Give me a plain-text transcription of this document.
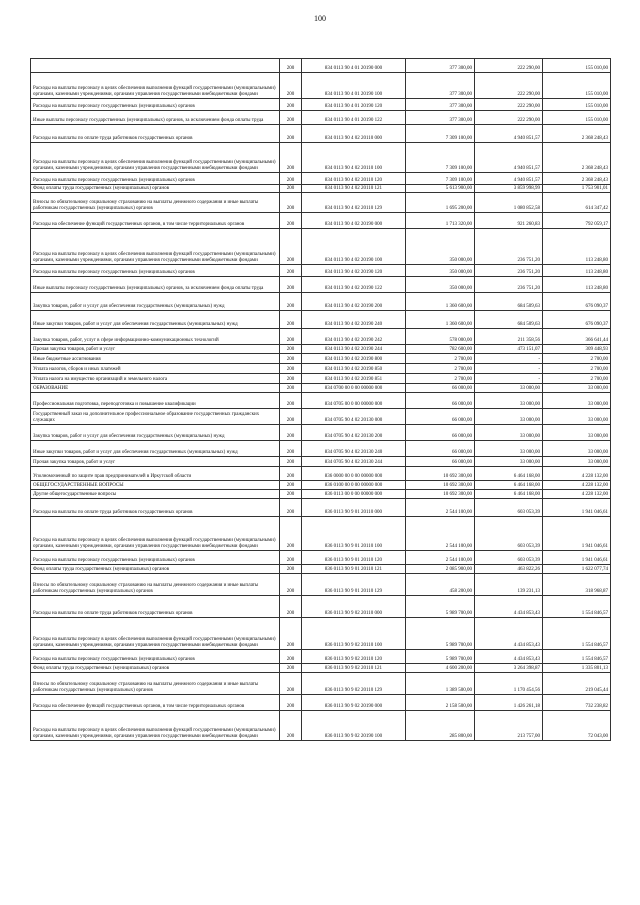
100
	200	834 0113 90 4 01 20190 000	377 300,00	222 290,00	155 010,00
Расходы на выплаты персоналу в целях обеспечения выполнения функций государственными (муниципальными) органами, казенными учреждениями, органами управления государственными внебюджетными фондами	200	834 0113 90 4 01 20190 100	377 300,00	222 290,00	155 010,00
Расходы на выплаты персоналу государственных (муниципальных) органов	200	834 0113 90 4 01 20190 120	377 300,00	222 290,00	155 010,00
Иные выплаты персоналу государственных (муниципальных) органов, за исключением фонда оплаты труда	200	834 0113 90 4 01 20190 122	377 300,00	222 290,00	155 010,00
Расходы на выплаты по оплате труда работников государственных органов	200	834 0113 90 4 02 20110 000	7 309 100,00	4 940 851,57	2 368 248,43
Расходы на выплаты персоналу в целях обеспечения выполнения функций государственными (муниципальными) органами, казенными учреждениями, органами управления государственными внебюджетными фондами	200	834 0113 90 4 02 20110 100	7 309 100,00	4 940 851,57	2 368 248,43
Расходы на выплаты персоналу государственных (муниципальных) органов	200	834 0113 90 4 02 20110 120	7 309 100,00	4 940 851,57	2 368 248,43
Фонд оплаты труда государственных (муниципальных) органов	200	834 0113 90 4 02 20110 121	5 613 900,00	3 859 998,99	1 753 901,01
Взносы по обязательному социальному страхованию на выплаты денежного содержания и иные выплаты работникам государственных (муниципальных) органов	200	834 0113 90 4 02 20110 129	1 695 200,00	1 080 852,58	614 347,42
Расходы на обеспечение функций государственных органов, в том числе территориальных органов	200	834 0113 90 4 02 20190 000	1 713 320,00	921 260,83	792 059,17
Расходы на выплаты персоналу в целях обеспечения выполнения функций государственными (муниципальными) органами, казенными учреждениями, органами управления государственными внебюджетными фондами	200	834 0113 90 4 02 20190 100	350 000,00	236 751,20	113 248,80
Расходы на выплаты персоналу государственных (муниципальных) органов	200	834 0113 90 4 02 20190 120	350 000,00	236 751,20	113 248,80
Иные выплаты персоналу государственных (муниципальных) органов, за исключением фонда оплаты труда	200	834 0113 90 4 02 20190 122	350 000,00	236 751,20	113 248,80
Закупка товаров, работ и услуг для обеспечения государственных (муниципальных) нужд	200	834 0113 90 4 02 20190 200	1 360 600,00	684 509,63	676 090,37
Иные закупки товаров, работ и услуг для обеспечения государственных (муниципальных) нужд	200	834 0113 90 4 02 20190 240	1 360 600,00	684 509,63	676 090,37
Закупка товаров, работ, услуг в сфере информационно-коммуникационных технологий	200	834 0113 90 4 02 20190 242	578 000,00	211 358,56	366 641,44
Прочая закупка товаров, работ и услуг	200	834 0113 90 4 02 20190 244	782 600,00	473 151,07	309 448,93
Иные бюджетные ассигнования	200	834 0113 90 4 02 20190 800	2 700,00	-	2 700,00
Уплата налогов, сборов и иных платежей	200	834 0113 90 4 02 20190 850	2 700,00	-	2 700,00
Уплата налога на имущество организаций и земельного налога	200	834 0113 90 4 02 20190 851	2 700,00	-	2 700,00
ОБРАЗОВАНИЕ	200	834 0700 00 0 00 00000 000	66 000,00	33 000,00	33 000,00
Профессиональная подготовка, переподготовка и повышение квалификации	200	834 0705 00 0 00 00000 000	66 000,00	33 000,00	33 000,00
Государственный заказ на дополнительное профессиональное образование государственных гражданских служащих	200	834 0705 90 4 02 20130 000	66 000,00	33 000,00	33 000,00
Закупка товаров, работ и услуг для обеспечения государственных (муниципальных) нужд	200	834 0705 90 4 02 20130 200	66 000,00	33 000,00	33 000,00
Иные закупки товаров, работ и услуг для обеспечения государственных (муниципальных) нужд	200	834 0705 90 4 02 20130 240	66 000,00	33 000,00	33 000,00
Прочая закупка товаров, работ и услуг	200	834 0705 90 4 02 20130 244	66 000,00	33 000,00	33 000,00
Уполномоченный по защите прав предпринимателей в Иркутской области	200	836 0000 00 0 00 00000 000	10 692 300,00	6 464 168,00	4 228 132,00
ОБЩЕГОСУДАРСТВЕННЫЕ ВОПРОСЫ	200	836 0100 00 0 00 00000 000	10 692 300,00	6 464 168,00	4 228 132,00
Другие общегосударственные вопросы	200	836 0113 00 0 00 00000 000	10 692 300,00	6 464 168,00	4 228 132,00
Расходы на выплаты по оплате труда работников государственных органов	200	836 0113 90 9 01 20110 000	2 544 100,00	603 053,39	1 941 046,61
Расходы на выплаты персоналу в целях обеспечения выполнения функций государственными (муниципальными) органами, казенными учреждениями, органами управления государственными внебюджетными фондами	200	836 0113 90 9 01 20110 100	2 544 100,00	603 053,39	1 941 046,61
Расходы на выплаты персоналу государственных (муниципальных) органов	200	836 0113 90 9 01 20110 120	2 544 100,00	603 053,39	1 941 046,61
Фонд оплаты труда государственных (муниципальных) органов	200	836 0113 90 9 01 20110 121	2 085 900,00	463 822,26	1 622 077,74
Взносы по обязательному социальному страхованию на выплаты денежного содержания и иные выплаты работникам государственных (муниципальных) органов	200	836 0113 90 9 01 20110 129	458 200,00	139 231,13	318 968,87
Расходы на выплаты по оплате труда работников государственных органов	200	836 0113 90 9 02 20110 000	5 989 700,00	4 434 853,43	1 554 846,57
Расходы на выплаты персоналу в целях обеспечения выполнения функций государственными (муниципальными) органами, казенными учреждениями, органами управления государственными внебюджетными фондами	200	836 0113 90 9 02 20110 100	5 989 700,00	4 434 853,43	1 554 846,57
Расходы на выплаты персоналу государственных (муниципальных) органов	200	836 0113 90 9 02 20110 120	5 989 700,00	4 434 853,43	1 554 846,57
Фонд оплаты труда государственных (муниципальных) органов	200	836 0113 90 9 02 20110 121	4 600 200,00	3 264 398,87	1 335 801,13
Взносы по обязательному социальному страхованию на выплаты денежного содержания и иные выплаты работникам государственных (муниципальных) органов	200	836 0113 90 9 02 20110 129	1 389 500,00	1 170 454,56	219 045,44
Расходы на обеспечение функций государственных органов, в том числе территориальных органов	200	836 0113 90 9 02 20190 000	2 158 500,00	1 426 261,18	732 238,82
Расходы на выплаты персоналу в целях обеспечения выполнения функций государственными (муниципальными) органами, казенными учреждениями, органами управления государственными внебюджетными фондами	200	836 0113 90 9 02 20190 100	285 800,00	213 757,00	72 043,00
